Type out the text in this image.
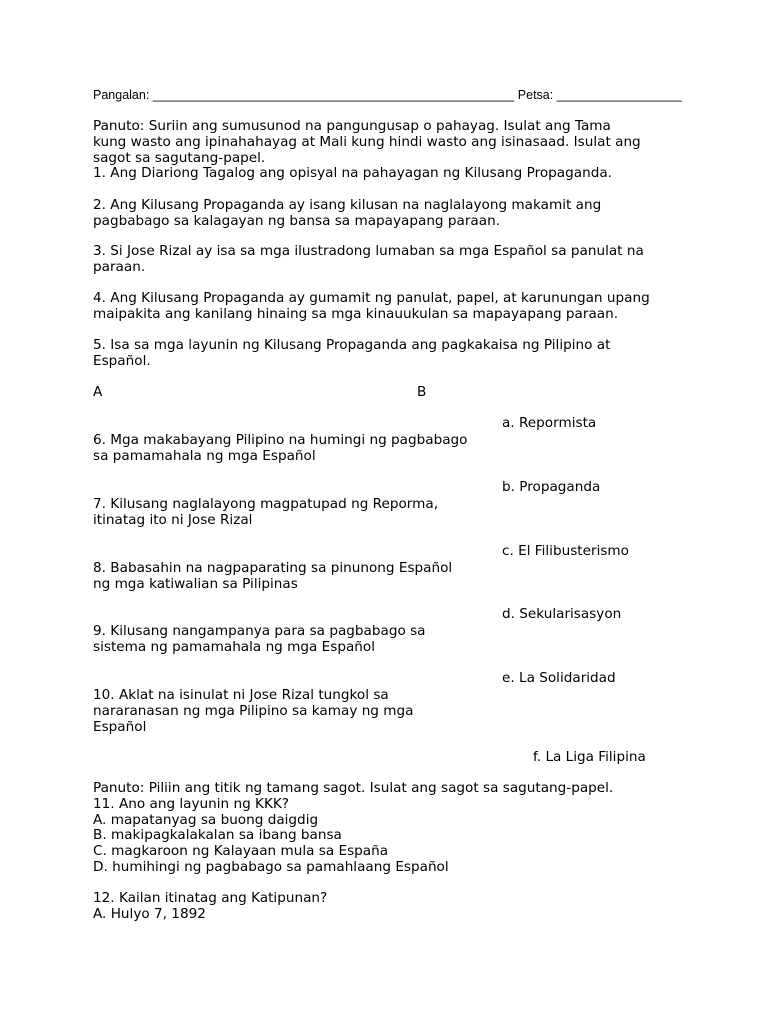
Pangalan: ____________________________________________________ Petsa: __________________
Panuto: Suriin ang sumusunod na pangungusap o pahayag. Isulat ang Tama
kung wasto ang ipinahahayag at Mali kung hindi wasto ang isinasaad. Isulat ang
sagot sa sagutang-papel.
1. Ang Diariong Tagalog ang opisyal na pahayagan ng Kilusang Propaganda.
2. Ang Kilusang Propaganda ay isang kilusan na naglalayong makamit ang
pagbabago sa kalagayan ng bansa sa mapayapang paraan.
3. Si Jose Rizal ay isa sa mga ilustradong lumaban sa mga Español sa panulat na
paraan.
4. Ang Kilusang Propaganda ay gumamit ng panulat, papel, at karunungan upang
maipakita ang kanilang hinaing sa mga kinauukulan sa mapayapang paraan.
5. Isa sa mga layunin ng Kilusang Propaganda ang pagkakaisa ng Pilipino at
Español.
A	B
a. Repormista
b. Propaganda
c. El Filibusterismo
d. Sekularisasyon
e. La Solidaridad
f. La Liga Filipina
6. Mga makabayang Pilipino na humingi ng pagbabago
sa pamamahala ng mga Español
7. Kilusang naglalayong magpatupad ng Reporma,
itinatag ito ni Jose Rizal
8. Babasahin na nagpaparating sa pinunong Español
ng mga katiwalian sa Pilipinas
9. Kilusang nangampanya para sa pagbabago sa
sistema ng pamamahala ng mga Español
10. Aklat na isinulat ni Jose Rizal tungkol sa
nararanasan ng mga Pilipino sa kamay ng mga
Español
Panuto: Piliin ang titik ng tamang sagot. Isulat ang sagot sa sagutang-papel.
11. Ano ang layunin ng KKK?
A. mapatanyag sa buong daigdig
B. makipagkalakalan sa ibang bansa
C. magkaroon ng Kalayaan mula sa España
D. humihingi ng pagbabago sa pamahlaang Español
12. Kailan itinatag ang Katipunan?
A. Hulyo 7, 1892
